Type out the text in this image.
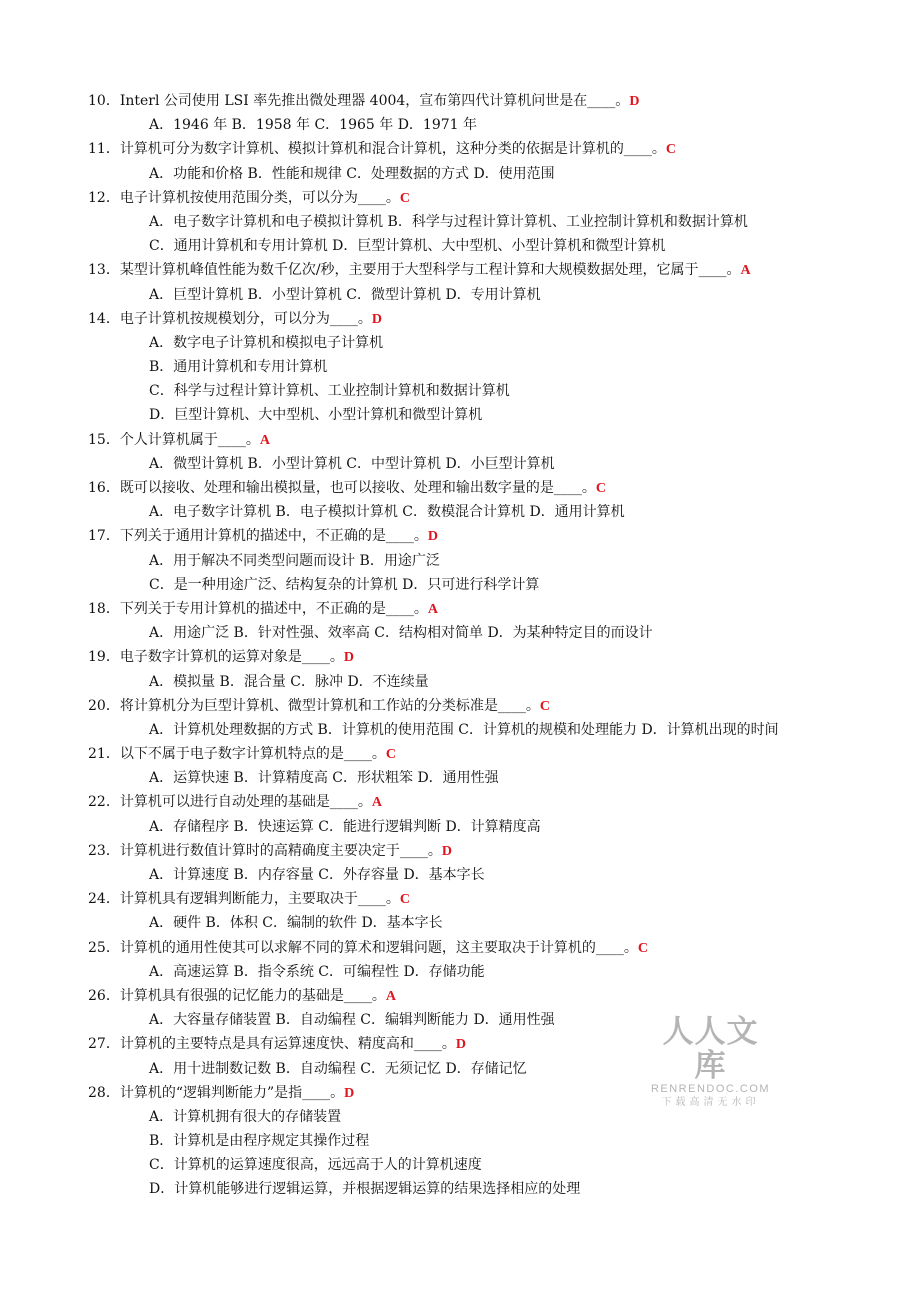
10．Interl 公司使用 LSI 率先推出微处理器 4004，宣布第四代计算机问世是在____。D
A．1946 年 B．1958 年 C．1965 年 D．1971 年
11．计算机可分为数字计算机、模拟计算机和混合计算机，这种分类的依据是计算机的____。C
A．功能和价格 B．性能和规律 C．处理数据的方式 D．使用范围
12．电子计算机按使用范围分类，可以分为____。C
A．电子数字计算机和电子模拟计算机 B．科学与过程计算计算机、工业控制计算机和数据计算机
C．通用计算机和专用计算机 D．巨型计算机、大中型机、小型计算机和微型计算机
13．某型计算机峰值性能为数千亿次/秒，主要用于大型科学与工程计算和大规模数据处理，它属于____。A
A．巨型计算机 B．小型计算机 C．微型计算机 D．专用计算机
14．电子计算机按规模划分，可以分为____。D
A．数字电子计算机和模拟电子计算机
B．通用计算机和专用计算机
C．科学与过程计算计算机、工业控制计算机和数据计算机
D．巨型计算机、大中型机、小型计算机和微型计算机
15．个人计算机属于____。A
A．微型计算机 B．小型计算机 C．中型计算机 D．小巨型计算机
16．既可以接收、处理和输出模拟量，也可以接收、处理和输出数字量的是____。C
A．电子数字计算机 B．电子模拟计算机 C．数模混合计算机 D．通用计算机
17．下列关于通用计算机的描述中，不正确的是____。D
A．用于解决不同类型问题而设计 B．用途广泛
C．是一种用途广泛、结构复杂的计算机 D．只可进行科学计算
18．下列关于专用计算机的描述中，不正确的是____。A
A．用途广泛 B．针对性强、效率高 C．结构相对简单 D．为某种特定目的而设计
19．电子数字计算机的运算对象是____。D
A．模拟量 B．混合量 C．脉冲 D．不连续量
20．将计算机分为巨型计算机、微型计算机和工作站的分类标准是____。C
A．计算机处理数据的方式 B．计算机的使用范围 C．计算机的规模和处理能力 D．计算机出现的时间
21．以下不属于电子数字计算机特点的是____。C
A．运算快速 B．计算精度高 C．形状粗笨 D．通用性强
22．计算机可以进行自动处理的基础是____。A
A．存储程序 B．快速运算 C．能进行逻辑判断 D．计算精度高
23．计算机进行数值计算时的高精确度主要决定于____。D
A．计算速度 B．内存容量 C．外存容量 D．基本字长
24．计算机具有逻辑判断能力，主要取决于____。C
A．硬件 B．体积 C．编制的软件 D．基本字长
25．计算机的通用性使其可以求解不同的算术和逻辑问题，这主要取决于计算机的____。C
A．高速运算 B．指令系统 C．可编程性 D．存储功能
26．计算机具有很强的记忆能力的基础是____。A
A．大容量存储装置 B．自动编程 C．编辑判断能力 D．通用性强
27．计算机的主要特点是具有运算速度快、精度高和____。D
A．用十进制数记数 B．自动编程 C．无须记忆 D．存储记忆
28．计算机的“逻辑判断能力”是指____。D
A．计算机拥有很大的存储装置
B．计算机是由程序规定其操作过程
C．计算机的运算速度很高，远远高于人的计算机速度
D．计算机能够进行逻辑运算，并根据逻辑运算的结果选择相应的处理
人人文库
RENRENDOC.COM
下载高清无水印
